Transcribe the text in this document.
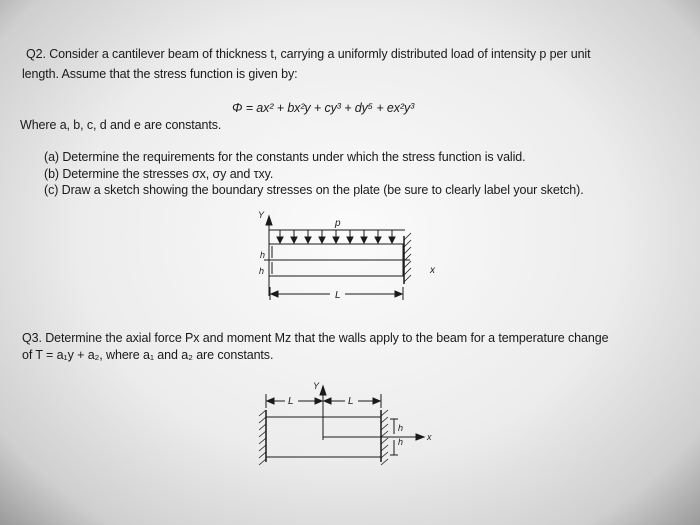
Q2. Consider a cantilever beam of thickness t, carrying a uniformly distributed load of intensity p per unit
length. Assume that the stress function is given by:
Φ = ax² + bx²y + cy³ + dy⁵ + ex²y³
Where a, b, c, d and e are constants.
(a) Determine the requirements for the constants under which the stress function is valid.
(b) Determine the stresses σx, σy and τxy.
(c) Draw a sketch showing the boundary stresses on the plate (be sure to clearly label your sketch).
Y
p
h
h	x
L
Y
L	L
h
h	x
Q3. Determine the axial force Px and moment Mz that the walls apply to the beam for a temperature change
of T = a₁y + a₂, where a₁ and a₂ are constants.
